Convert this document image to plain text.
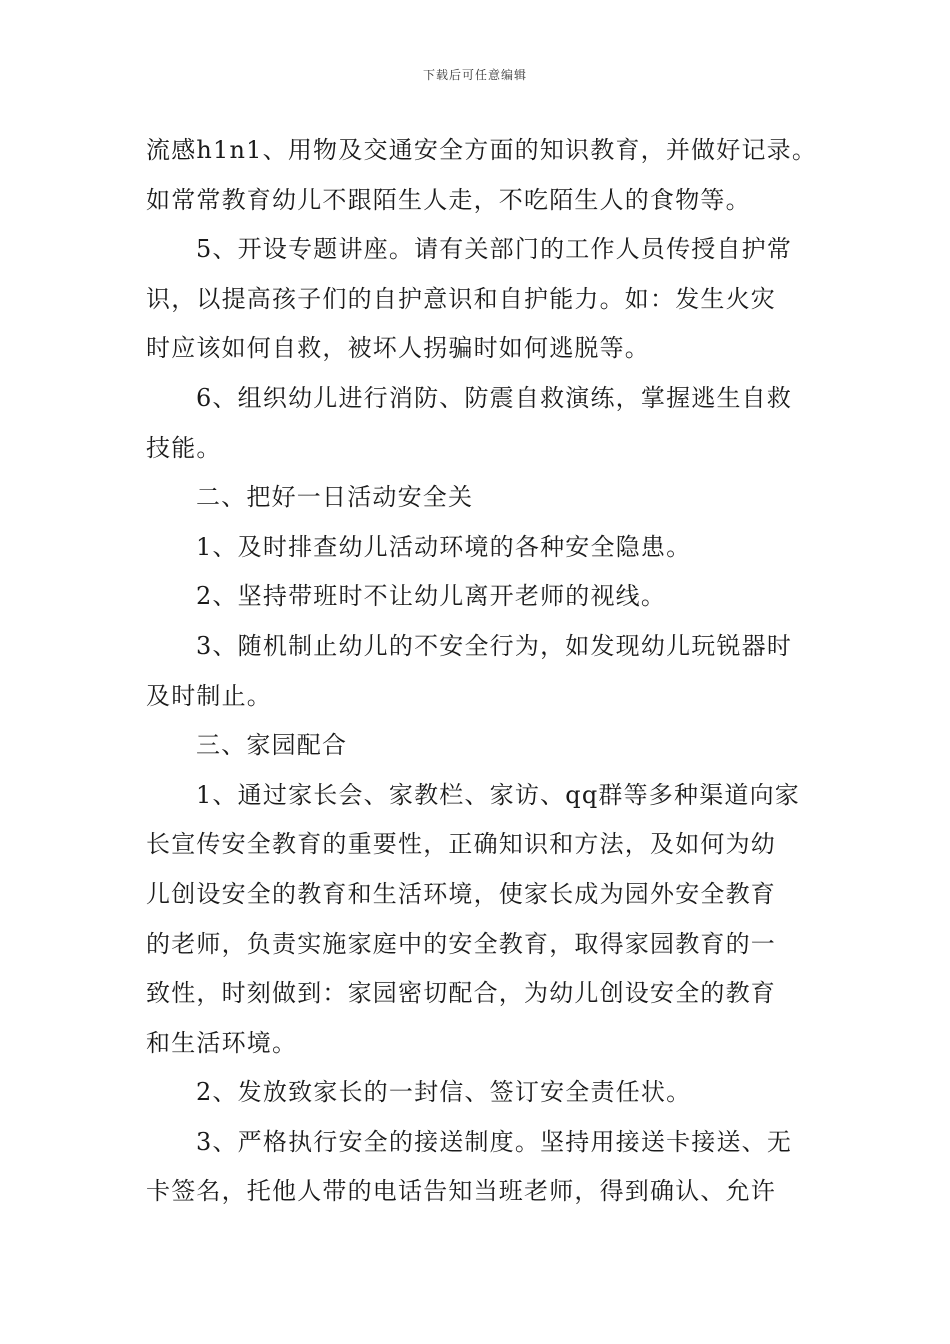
下载后可任意编辑
流感h1n1、用物及交通安全方面的知识教育，并做好记录。
如常常教育幼儿不跟陌生人走，不吃陌生人的食物等。
5、开设专题讲座。请有关部门的工作人员传授自护常
识，以提高孩子们的自护意识和自护能力。如：发生火灾
时应该如何自救，被坏人拐骗时如何逃脱等。
6、组织幼儿进行消防、防震自救演练，掌握逃生自救
技能。
二、把好一日活动安全关
1、及时排查幼儿活动环境的各种安全隐患。
2、坚持带班时不让幼儿离开老师的视线。
3、随机制止幼儿的不安全行为，如发现幼儿玩锐器时
及时制止。
三、家园配合
1、通过家长会、家教栏、家访、qq群等多种渠道向家
长宣传安全教育的重要性，正确知识和方法，及如何为幼
儿创设安全的教育和生活环境，使家长成为园外安全教育
的老师，负责实施家庭中的安全教育，取得家园教育的一
致性，时刻做到：家园密切配合，为幼儿创设安全的教育
和生活环境。
2、发放致家长的一封信、签订安全责任状。
3、严格执行安全的接送制度。坚持用接送卡接送、无
卡签名，托他人带的电话告知当班老师，得到确认、允许
